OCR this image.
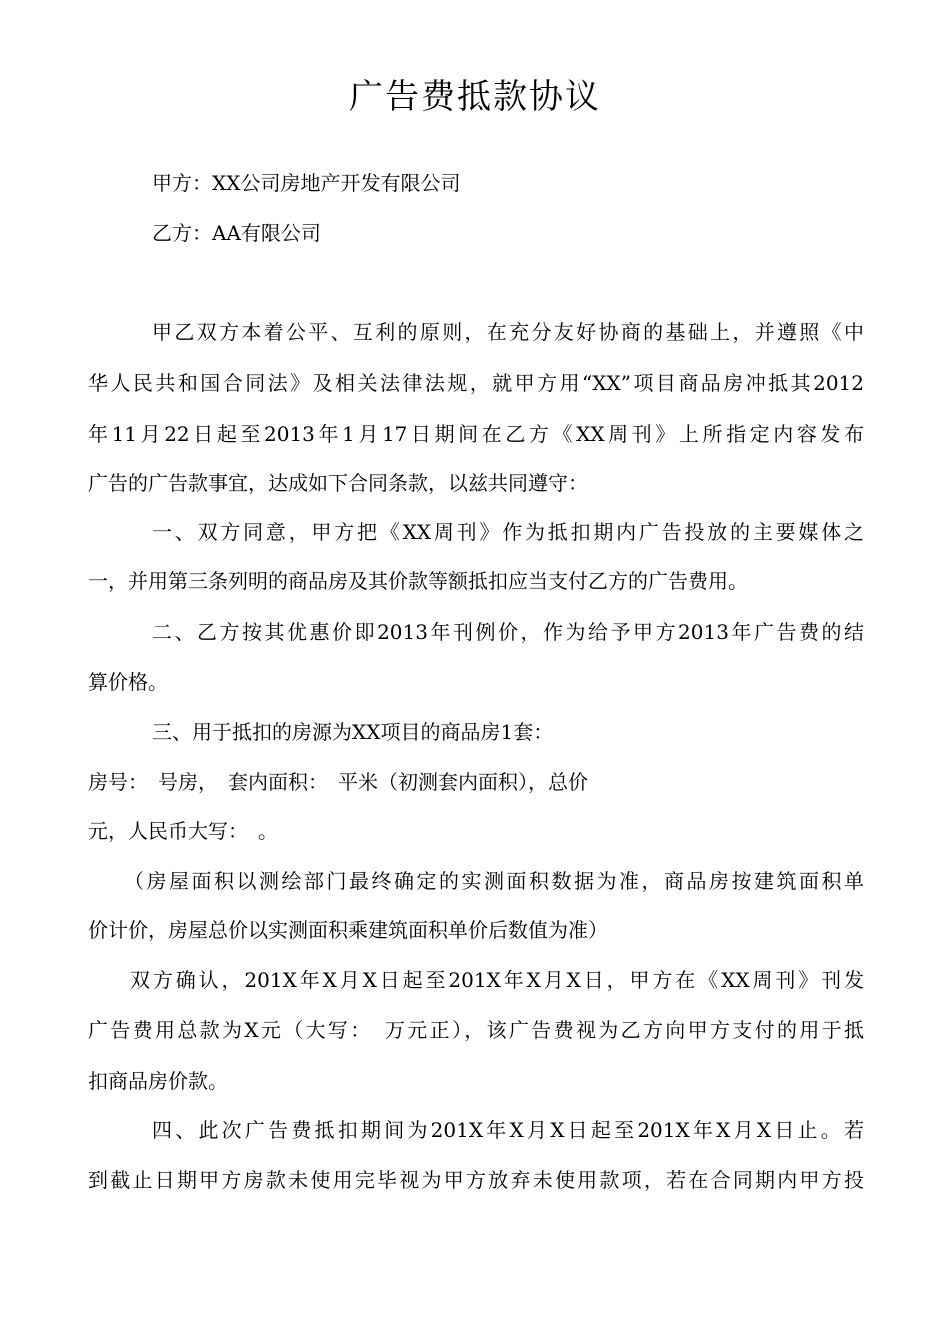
广告费抵款协议
甲方：XX公司房地产开发有限公司
乙方：AA有限公司
甲乙双方本着公平、互利的原则，在充分友好协商的基础上，并遵照《中
华人民共和国合同法》及相关法律法规，就甲方用“XX”项目商品房冲抵其2012
年11月22日起至2013年1月17日期间在乙方《XX周刊》上所指定内容发布
广告的广告款事宜，达成如下合同条款，以兹共同遵守：
一、双方同意，甲方把《XX周刊》作为抵扣期内广告投放的主要媒体之
一，并用第三条列明的商品房及其价款等额抵扣应当支付乙方的广告费用。
二、乙方按其优惠价即2013年刊例价，作为给予甲方2013年广告费的结
算价格。
三、用于抵扣的房源为XX项目的商品房1套：
房号：　号房，　套内面积：　平米（初测套内面积），总价
元，人民币大写：　。
（房屋面积以测绘部门最终确定的实测面积数据为准，商品房按建筑面积单
价计价，房屋总价以实测面积乘建筑面积单价后数值为准）
双方确认，201X年X月X日起至201X年X月X日，甲方在《XX周刊》刊发
广告费用总款为X元（大写：　万元正），该广告费视为乙方向甲方支付的用于抵
扣商品房价款。
四、此次广告费抵扣期间为201X年X月X日起至201X年X月X日止。若
到截止日期甲方房款未使用完毕视为甲方放弃未使用款项，若在合同期内甲方投
